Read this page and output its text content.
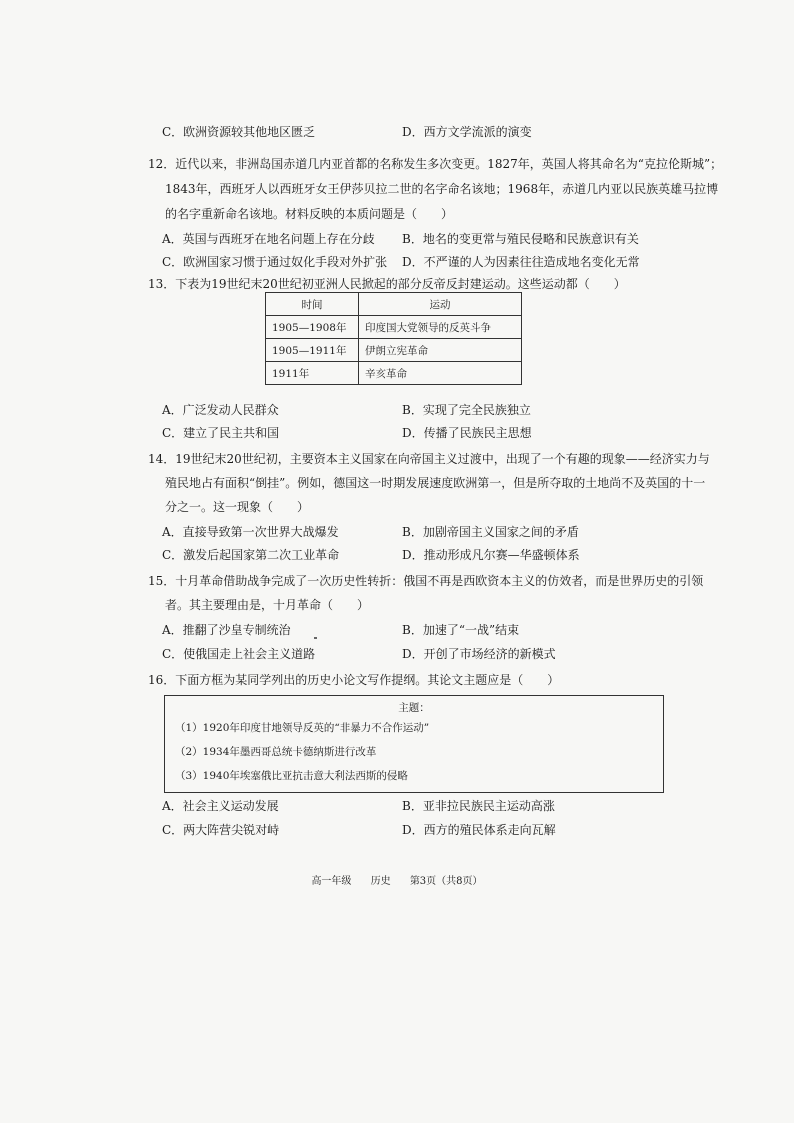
C．欧洲资源较其他地区匮乏	D．西方文学流派的演变
12．近代以来，非洲岛国赤道几内亚首都的名称发生多次变更。1827年，英国人将其命名为“克拉伦斯城”；
1843年，西班牙人以西班牙女王伊莎贝拉二世的名字命名该地；1968年，赤道几内亚以民族英雄马拉博
的名字重新命名该地。材料反映的本质问题是（　　）
A．英国与西班牙在地名问题上存在分歧 B．地名的变更常与殖民侵略和民族意识有关
C．欧洲国家习惯于通过奴化手段对外扩张 D．不严谨的人为因素往往造成地名变化无常
13．下表为19世纪末20世纪初亚洲人民掀起的部分反帝反封建运动。这些运动都（　　）
时间	运动
1905—1908年	印度国大党领导的反英斗争
1905—1911年	伊朗立宪革命
1911年	辛亥革命
A．广泛发动人民群众	B．实现了完全民族独立
C．建立了民主共和国	D．传播了民族民主思想
14．19世纪末20世纪初，主要资本主义国家在向帝国主义过渡中，出现了一个有趣的现象——经济实力与
殖民地占有面积“倒挂”。例如，德国这一时期发展速度欧洲第一，但是所夺取的土地尚不及英国的十一
分之一。这一现象（　　）
A．直接导致第一次世界大战爆发	B．加剧帝国主义国家之间的矛盾
C．激发后起国家第二次工业革命	D．推动形成凡尔赛—华盛顿体系
15．十月革命借助战争完成了一次历史性转折：俄国不再是西欧资本主义的仿效者，而是世界历史的引领
者。其主要理由是，十月革命（　　）
A．推翻了沙皇专制统治	B．加速了“一战”结束
C．使俄国走上社会主义道路	D．开创了市场经济的新模式
16．下面方框为某同学列出的历史小论文写作提纲。其论文主题应是（　　）
主题：
（1）1920年印度甘地领导反英的“非暴力不合作运动”
（2）1934年墨西哥总统卡德纳斯进行改革
（3）1940年埃塞俄比亚抗击意大利法西斯的侵略
A．社会主义运动发展	B．亚非拉民族民主运动高涨
C．两大阵营尖锐对峙	D．西方的殖民体系走向瓦解
高一年级 历史 第3页（共8页）
